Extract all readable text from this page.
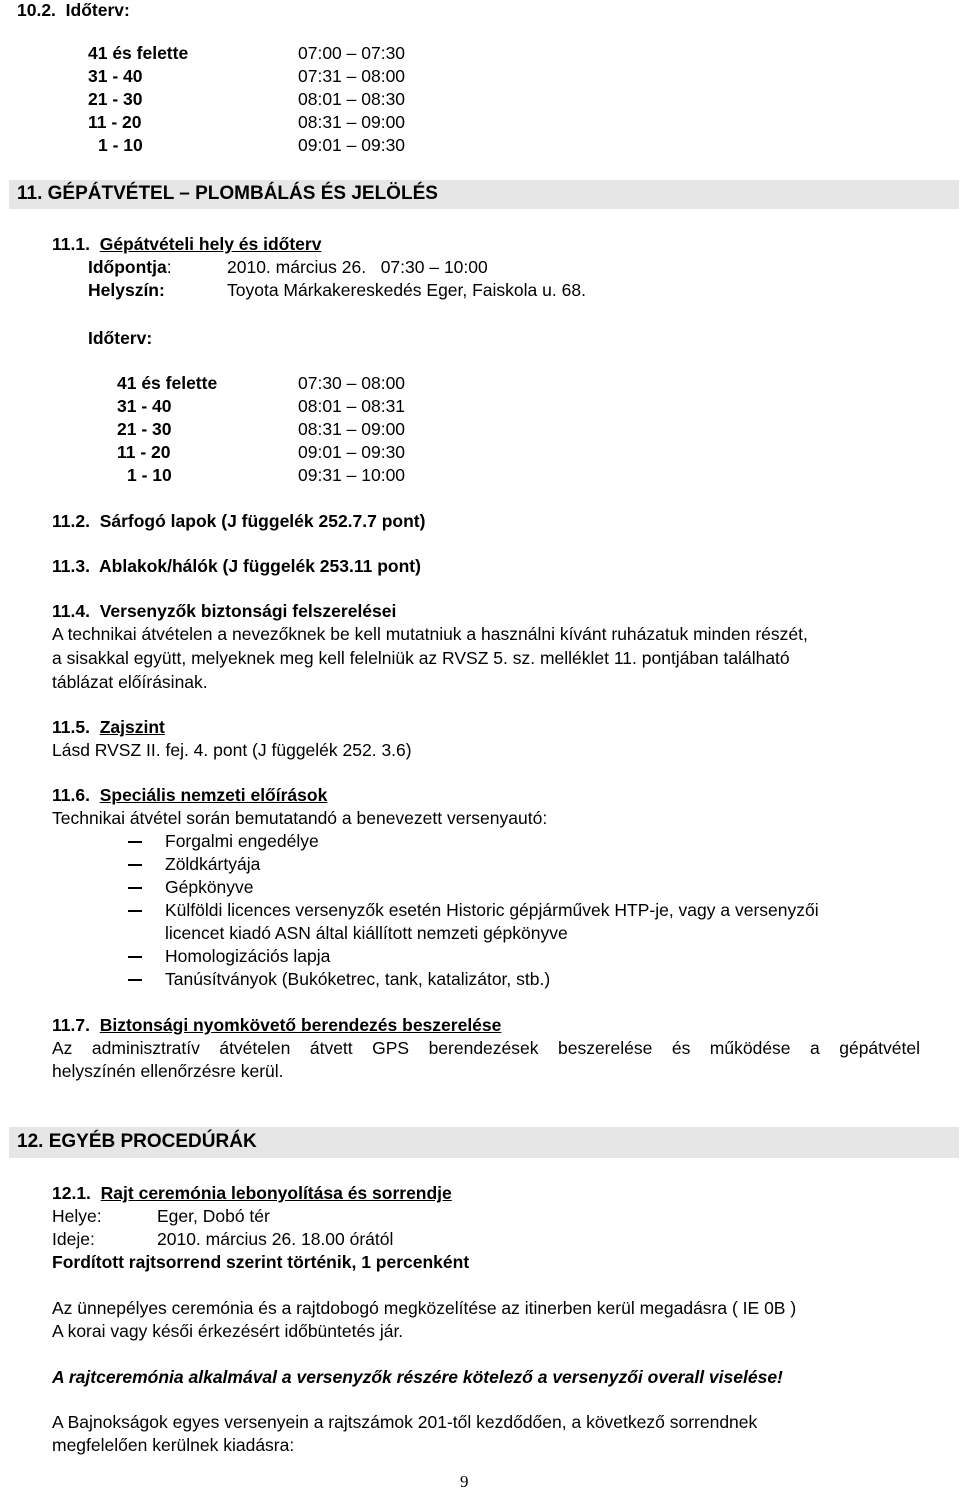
10.2. Időterv:
41 és felette	07:00 – 07:30
31 - 40	07:31 – 08:00
21 - 30	08:01 – 08:30
11 - 20	08:31 – 09:00
1 - 10	09:01 – 09:30
11. GÉPÁTVÉTEL – PLOMBÁLÁS ÉS JELÖLÉS
11.1. Gépátvételi hely és időterv
Időpontja:	2010. március 26.   07:30 – 10:00
Helyszín:	Toyota Márkakereskedés Eger, Faiskola u. 68.
Időterv:
41 és felette	07:30 – 08:00
31 - 40	08:01 – 08:31
21 - 30	08:31 – 09:00
11 - 20	09:01 – 09:30
1 - 10	09:31 – 10:00
11.2. Sárfogó lapok (J függelék 252.7.7 pont)
11.3. Ablakok/hálók (J függelék 253.11 pont)
11.4. Versenyzők biztonsági felszerelései
A technikai átvételen a nevezőknek be kell mutatniuk a használni kívánt ruházatuk minden részét,
a sisakkal együtt, melyeknek meg kell felelniük az RVSZ 5. sz. melléklet 11. pontjában található
táblázat előírásinak.
11.5. Zajszint
Lásd RVSZ II. fej. 4. pont (J függelék 252. 3.6)
11.6. Speciális nemzeti előírások
Technikai átvétel során bemutatandó a benevezett versenyautó:
Forgalmi engedélye
Zöldkártyája
Gépkönyve
Külföldi licences versenyzők esetén Historic gépjárművek HTP-je, vagy a versenyzői
licencet kiadó ASN által kiállított nemzeti gépkönyve
Homologizációs lapja
Tanúsítványok (Bukóketrec, tank, katalizátor, stb.)
11.7. Biztonsági nyomkövető berendezés beszerelése
Az adminisztratív átvételen átvett GPS berendezések beszerelése és működése a gépátvétel
helyszínén ellenőrzésre kerül.
12. EGYÉB PROCEDÚRÁK
12.1. Rajt ceremónia lebonyolítása és sorrendje
Helye:	Eger, Dobó tér
Ideje:	2010. március 26. 18.00 órától
Fordított rajtsorrend szerint történik, 1 percenként
Az ünnepélyes ceremónia és a rajtdobogó megközelítése az itinerben kerül megadásra ( IE 0B )
A korai vagy késői érkezésért időbüntetés jár.
A rajtceremónia alkalmával a versenyzők részére kötelező a versenyzői overall viselése!
A Bajnokságok egyes versenyein a rajtszámok 201-től kezdődően, a következő sorrendnek
megfelelően kerülnek kiadásra:
9
